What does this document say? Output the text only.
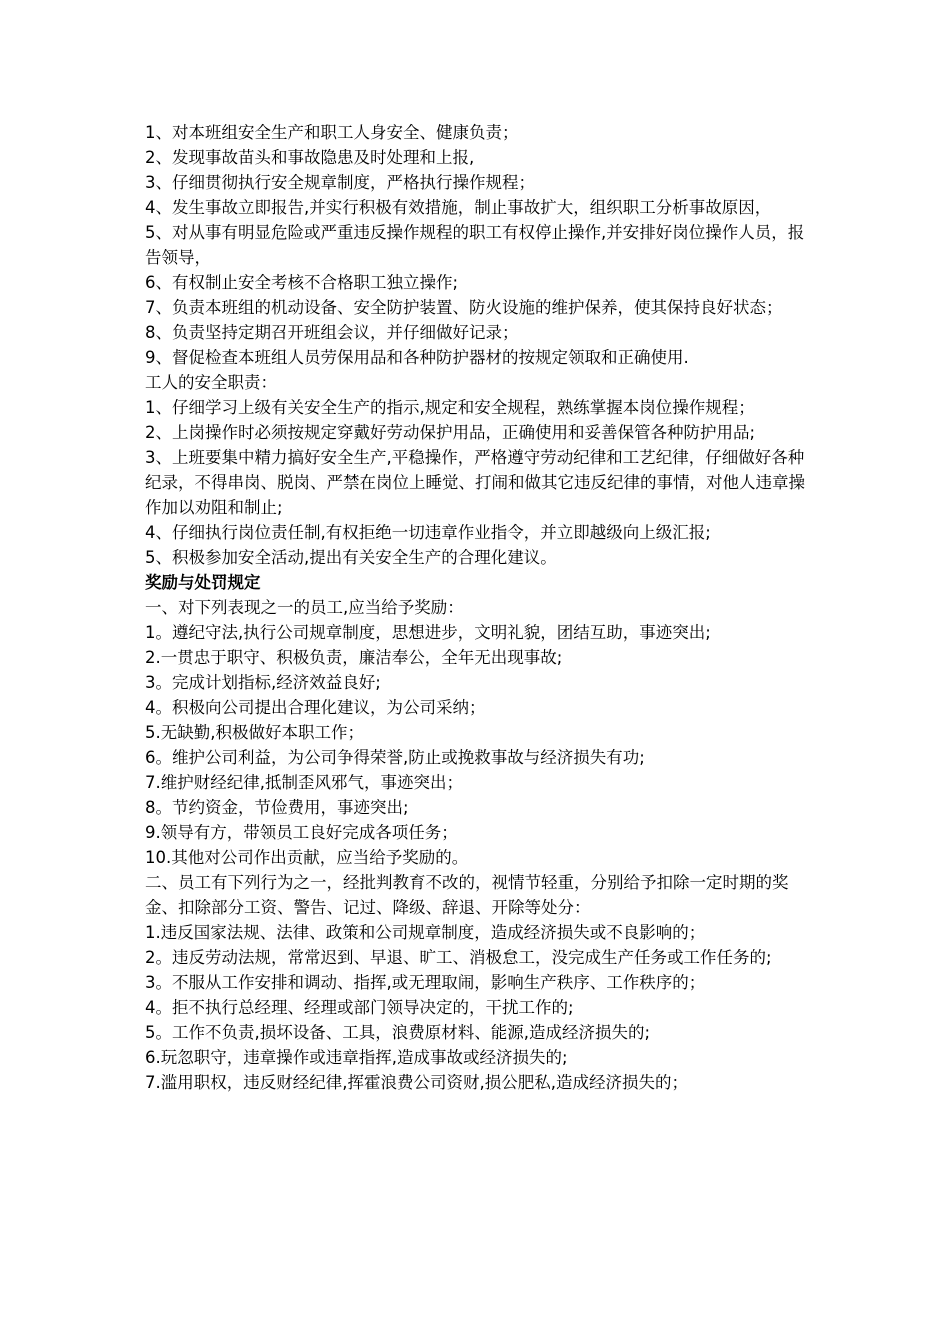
1、对本班组安全生产和职工人身安全、健康负责；

2、发现事故苗头和事故隐患及时处理和上报,

3、仔细贯彻执行安全规章制度，严格执行操作规程；

4、发生事故立即报告,并实行积极有效措施，制止事故扩大，组织职工分析事故原因，

5、对从事有明显危险或严重违反操作规程的职工有权停止操作,并安排好岗位操作人员，报告领导，

6、有权制止安全考核不合格职工独立操作;

7、负责本班组的机动设备、安全防护装置、防火设施的维护保养，使其保持良好状态；

8、负责坚持定期召开班组会议，并仔细做好记录；

9、督促检查本班组人员劳保用品和各种防护器材的按规定领取和正确使用.

工人的安全职责：

1、仔细学习上级有关安全生产的指示,规定和安全规程，熟练掌握本岗位操作规程；

2、上岗操作时必须按规定穿戴好劳动保护用品，正确使用和妥善保管各种防护用品;

3、上班要集中精力搞好安全生产,平稳操作，严格遵守劳动纪律和工艺纪律，仔细做好各种纪录，不得串岗、脱岗、严禁在岗位上睡觉、打闹和做其它违反纪律的事情，对他人违章操作加以劝阻和制止;

4、仔细执行岗位责任制,有权拒绝一切违章作业指令，并立即越级向上级汇报;

5、积极参加安全活动,提出有关安全生产的合理化建议。

奖励与处罚规定

一、对下列表现之一的员工,应当给予奖励：

1。遵纪守法,执行公司规章制度，思想进步，文明礼貌，团结互助，事迹突出;

2.一贯忠于职守、积极负责，廉洁奉公，全年无出现事故;

3。完成计划指标,经济效益良好;

4。积极向公司提出合理化建议，为公司采纳；

5.无缺勤,积极做好本职工作；

6。维护公司利益，为公司争得荣誉,防止或挽救事故与经济损失有功;

7.维护财经纪律,抵制歪风邪气，事迹突出；

8。节约资金，节俭费用，事迹突出;

9.领导有方，带领员工良好完成各项任务；

10.其他对公司作出贡献，应当给予奖励的。

二、员工有下列行为之一，经批判教育不改的，视情节轻重，分别给予扣除一定时期的奖金、扣除部分工资、警告、记过、降级、辞退、开除等处分：

1.违反国家法规、法律、政策和公司规章制度，造成经济损失或不良影响的；

2。违反劳动法规，常常迟到、早退、旷工、消极怠工，没完成生产任务或工作任务的;

3。不服从工作安排和调动、指挥,或无理取闹，影响生产秩序、工作秩序的；

4。拒不执行总经理、经理或部门领导决定的，干扰工作的;

5。工作不负责,损坏设备、工具，浪费原材料、能源,造成经济损失的;

6.玩忽职守，违章操作或违章指挥,造成事故或经济损失的;

7.滥用职权，违反财经纪律,挥霍浪费公司资财,损公肥私,造成经济损失的；
